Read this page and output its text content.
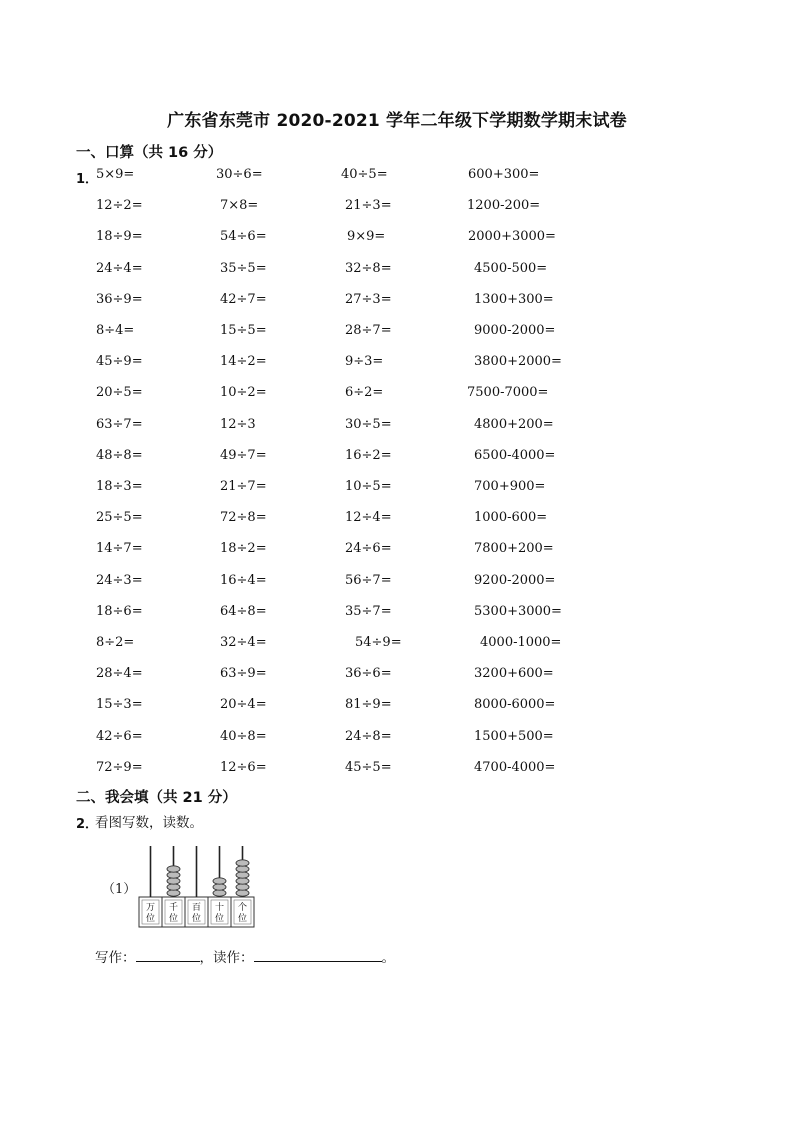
广东省东莞市 2020-2021 学年二年级下学期数学期末试卷
一、口算（共 16 分）
1．
5×9=	30÷6=	40÷5=	600+300=
12÷2=	7×8=	21÷3=	1200-200=
18÷9=	54÷6=	9×9=	2000+3000=
24÷4=	35÷5=	32÷8=	4500-500=
36÷9=	42÷7=	27÷3=	1300+300=
8÷4=	15÷5=	28÷7=	9000-2000=
45÷9=	14÷2=	9÷3=	3800+2000=
20÷5=	10÷2=	6÷2=	7500-7000=
63÷7=	12÷3	30÷5=	4800+200=
48÷8=	49÷7=	16÷2=	6500-4000=
18÷3=	21÷7=	10÷5=	700+900=
25÷5=	72÷8=	12÷4=	1000-600=
14÷7=	18÷2=	24÷6=	7800+200=
24÷3=	16÷4=	56÷7=	9200-2000=
18÷6=	64÷8=	35÷7=	5300+3000=
8÷2=	32÷4=	54÷9=	4000-1000=
28÷4=	63÷9=	36÷6=	3200+600=
15÷3=	20÷4=	81÷9=	8000-6000=
42÷6=	40÷8=	24÷8=	1500+500=
72÷9=	12÷6=	45÷5=	4700-4000=
二、我会填（共 21 分）
2．
看图写数，读数。
（1）
万
位
千
位
百
位
十
位
个
位
写作：	，读作：	。
